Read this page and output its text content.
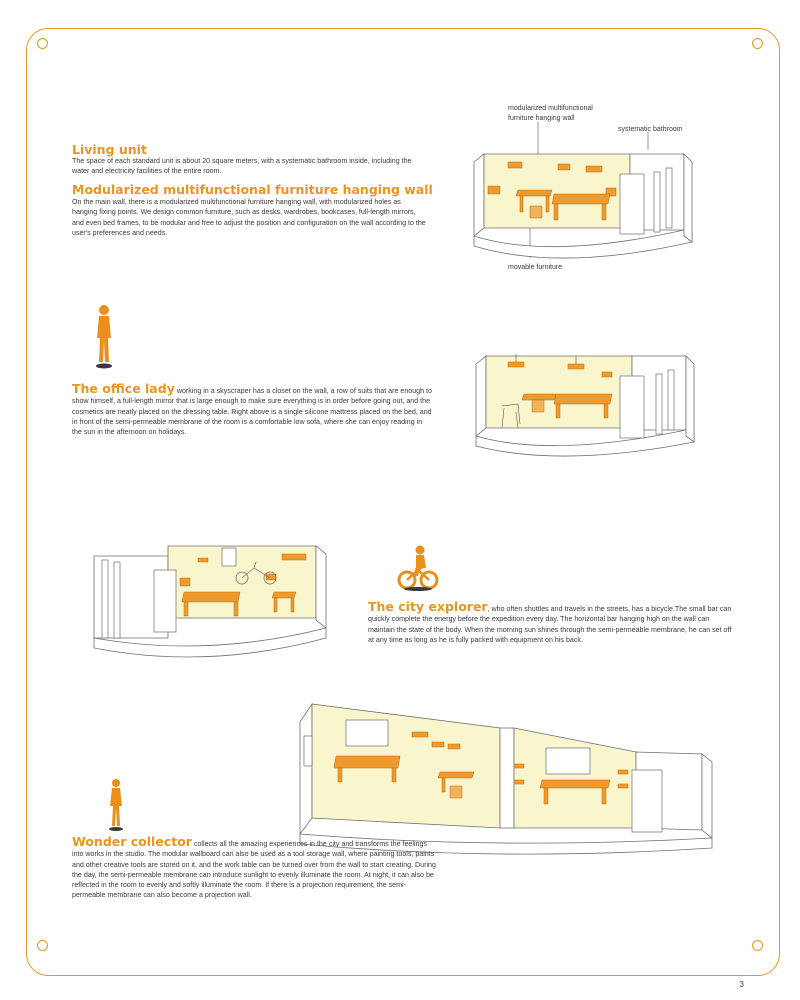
Living unit
The space of each standard unit is about 20 square meters, with a systematic bathroom inside, including the water and electricity facilities of the entire room.
Modularized multifunctional furniture hanging wall
On the main wall, there is a modularized multifunctional furniture hanging wall, with modularized holes as hanging fixing points. We design common furniture, such as desks, wardrobes, bookcases, full-length mirrors, and even bed frames, to be modular and free to adjust the position and configuration on the wall according to the user's preferences and needs.
modularized multifunctional furniture hanging wall
systematic bathroom
movable furniture
The office lady working in a skyscraper has a closet on the wall, a row of suits that are enough to show himself, a full-length mirror that is large enough to make sure everything is in order before going out, and the cosmetics are neatly placed on the dressing table. Right above is a single silicone mattress placed on the bed, and in front of the semi-permeable membrane of the room is a comfortable low sofa, where she can enjoy reading in the sun in the afternoon on holidays.
The city explorer, who often shuttles and travels in the streets, has a bicycle.The small bar can quickly complete the energy before the expedition every day. The horizontal bar hanging high on the wall can maintain the state of the body. When the morning sun shines through the semi-permeable membrane, he can set off at any time as long as he is fully packed with equipment on his back.
Wonder collector collects all the amazing experiences in the city and transforms the feelings into works in the studio. The modular wallboard can also be used as a tool storage wall, where painting tools, paints and other creative tools are stored on it, and the work table can be turned over from the wall to start creating. During the day, the semi-permeable membrane can introduce sunlight to evenly illuminate the room. At night, it can also be reflected in the room to evenly and softly illuminate the room. If there is a projection requirement, the semi-permeable membrane can also become a projection wall.
3
